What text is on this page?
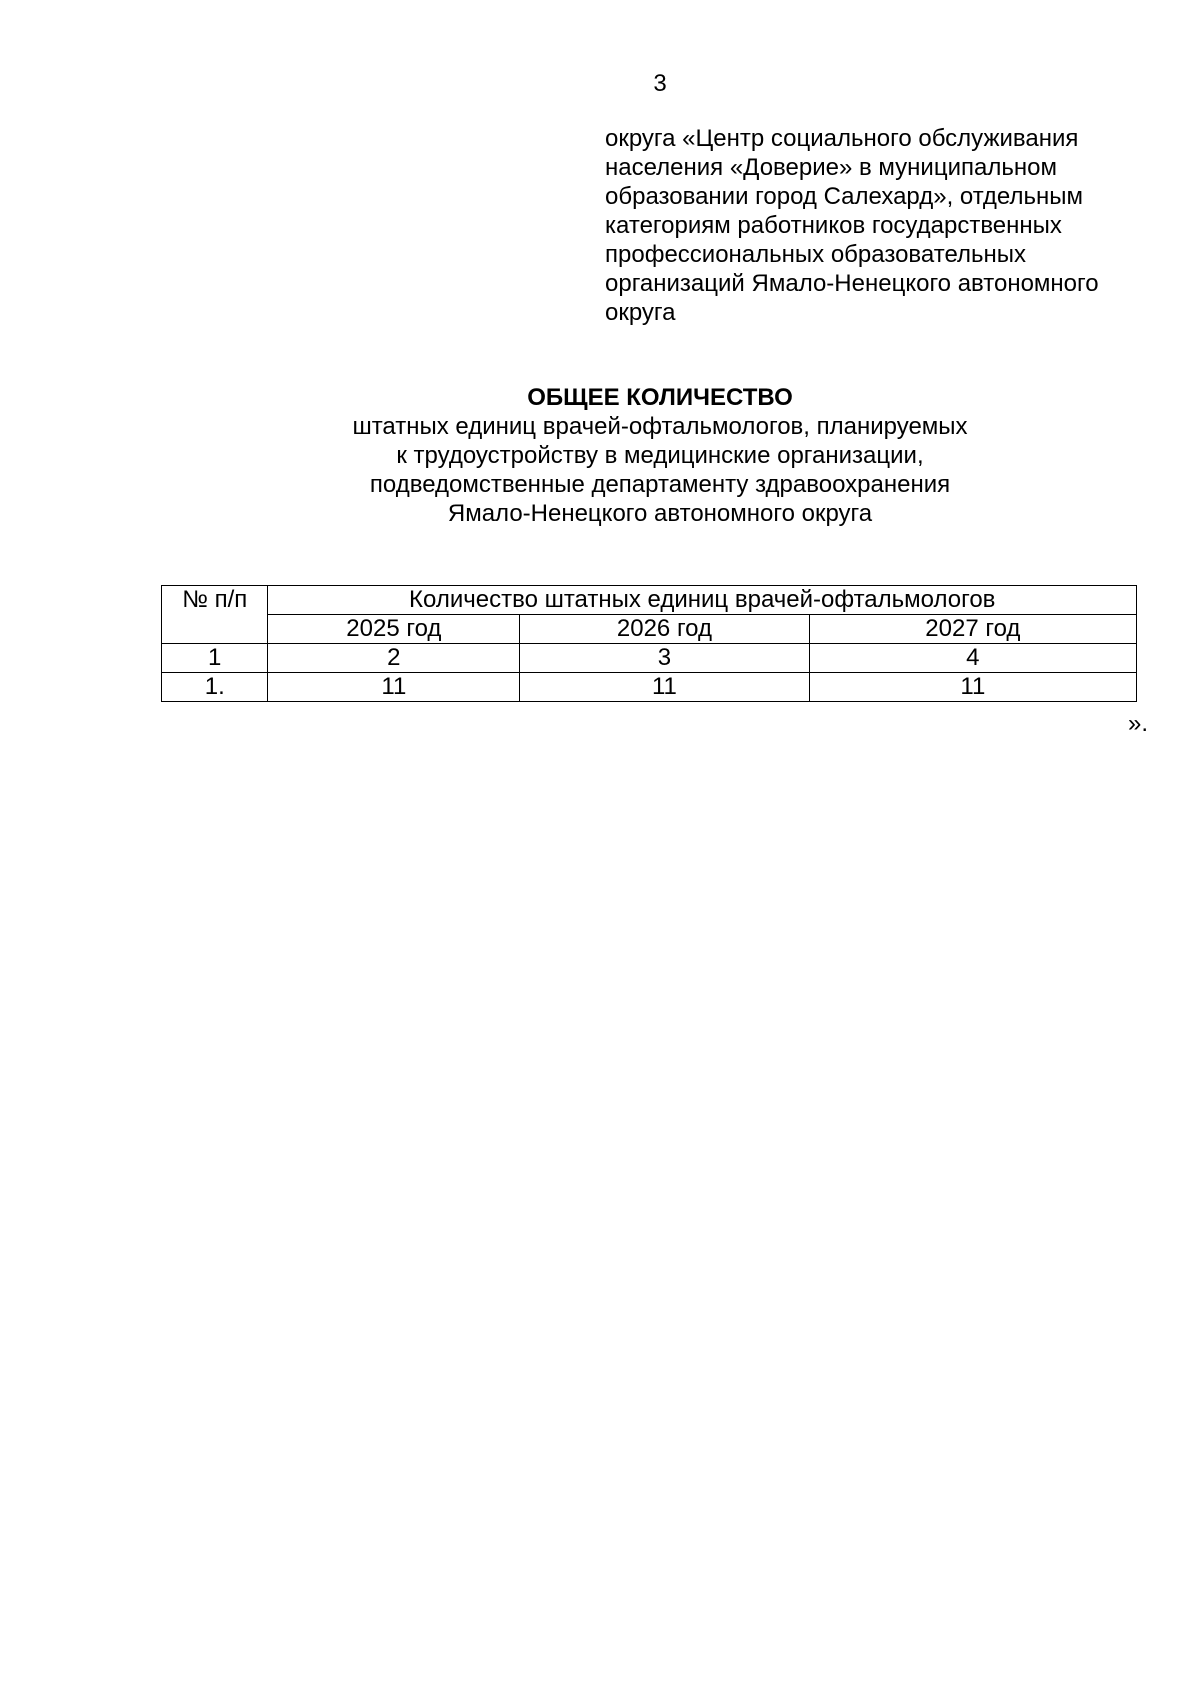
3
округа «Центр социального обслуживания
населения «Доверие» в муниципальном
образовании город Салехард», отдельным
категориям работников государственных
профессиональных образовательных
организаций Ямало-Ненецкого автономного
округа
ОБЩЕЕ КОЛИЧЕСТВО
штатных единиц врачей-офтальмологов, планируемых
к трудоустройству в медицинские организации,
подведомственные департаменту здравоохранения
Ямало-Ненецкого автономного округа
№ п/п	Количество штатных единиц врачей-офтальмологов		
	2025 год	2026 год	2027 год
1	2	3	4
1.	11	11	11
».
